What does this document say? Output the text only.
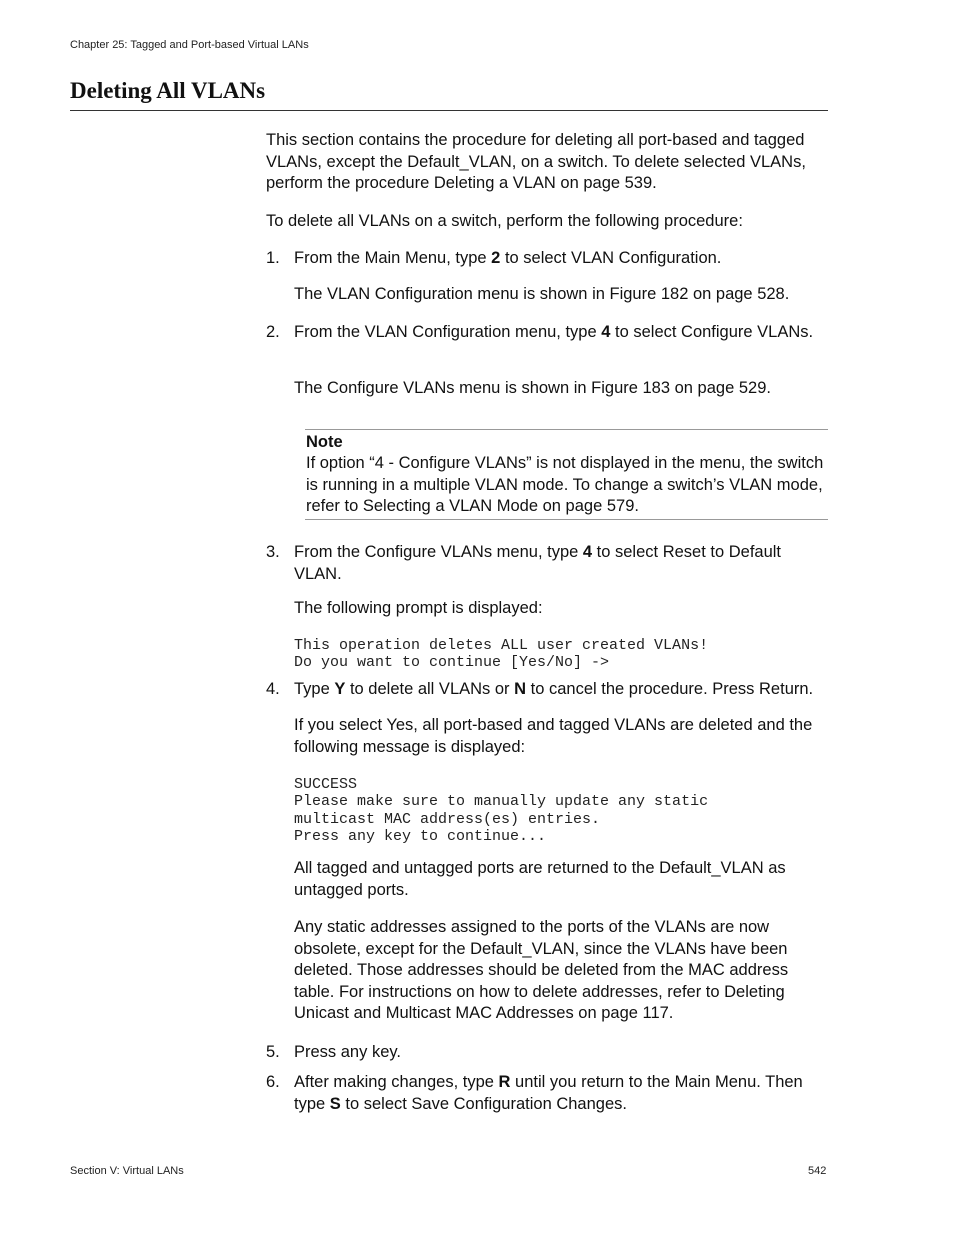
Chapter 25: Tagged and Port-based Virtual LANs
Deleting All VLANs

This section contains the procedure for deleting all port-based and tagged VLANs, except the Default_VLAN, on a switch. To delete selected VLANs, perform the procedure Deleting a VLAN on page 539.

To delete all VLANs on a switch, perform the following procedure:

1. From the Main Menu, type 2 to select VLAN Configuration.

The VLAN Configuration menu is shown in Figure 182 on page 528.

2. From the VLAN Configuration menu, type 4 to select Configure VLANs.

The Configure VLANs menu is shown in Figure 183 on page 529.

Note

If option “4 - Configure VLANs” is not displayed in the menu, the switch is running in a multiple VLAN mode. To change a switch’s VLAN mode, refer to Selecting a VLAN Mode on page 579.

3. From the Configure VLANs menu, type 4 to select Reset to Default VLAN.

The following prompt is displayed:

This operation deletes ALL user created VLANs!
Do you want to continue [Yes/No] ->
4. Type Y to delete all VLANs or N to cancel the procedure. Press Return.

If you select Yes, all port-based and tagged VLANs are deleted and the following message is displayed:

SUCCESS
Please make sure to manually update any static
multicast MAC address(es) entries.
Press any key to continue...

All tagged and untagged ports are returned to the Default_VLAN as untagged ports.

Any static addresses assigned to the ports of the VLANs are now obsolete, except for the Default_VLAN, since the VLANs have been deleted. Those addresses should be deleted from the MAC address table. For instructions on how to delete addresses, refer to Deleting Unicast and Multicast MAC Addresses on page 117.

5. Press any key.

6. After making changes, type R until you return to the Main Menu. Then type S to select Save Configuration Changes.

Section V: Virtual LANs	542
